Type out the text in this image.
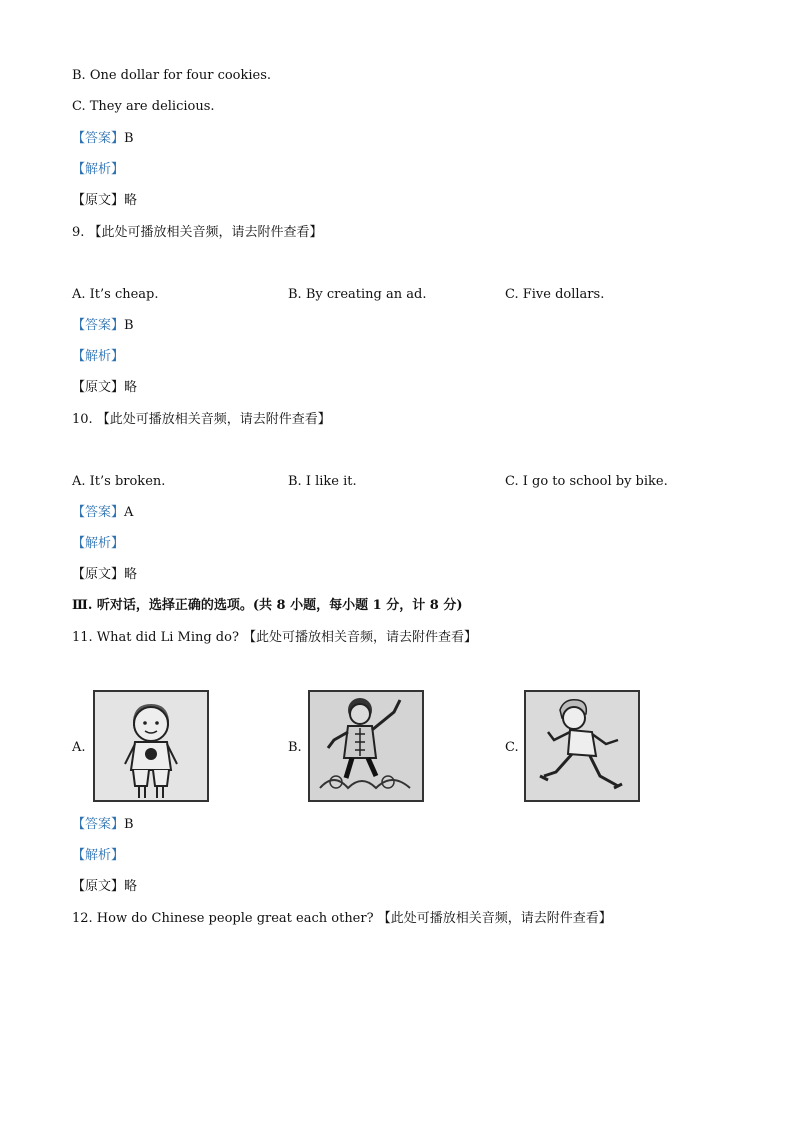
B. One dollar for four cookies.
C. They are delicious.
【答案】B
【解析】
【原文】略
9. 【此处可播放相关音频，请去附件查看】
A. It’s cheap.	B. By creating an ad.	C. Five dollars.
【答案】B
【解析】
【原文】略
10. 【此处可播放相关音频，请去附件查看】
A. It’s broken.	B. I like it.	C. I go to school by bike.
【答案】A
【解析】
【原文】略
Ⅲ. 听对话，选择正确的选项。(共 8 小题，每小题 1 分，计 8 分)
11. What did Li Ming do? 【此处可播放相关音频，请去附件查看】
A.	B.	C.
【答案】B
【解析】
【原文】略
12. How do Chinese people great each other? 【此处可播放相关音频，请去附件查看】
